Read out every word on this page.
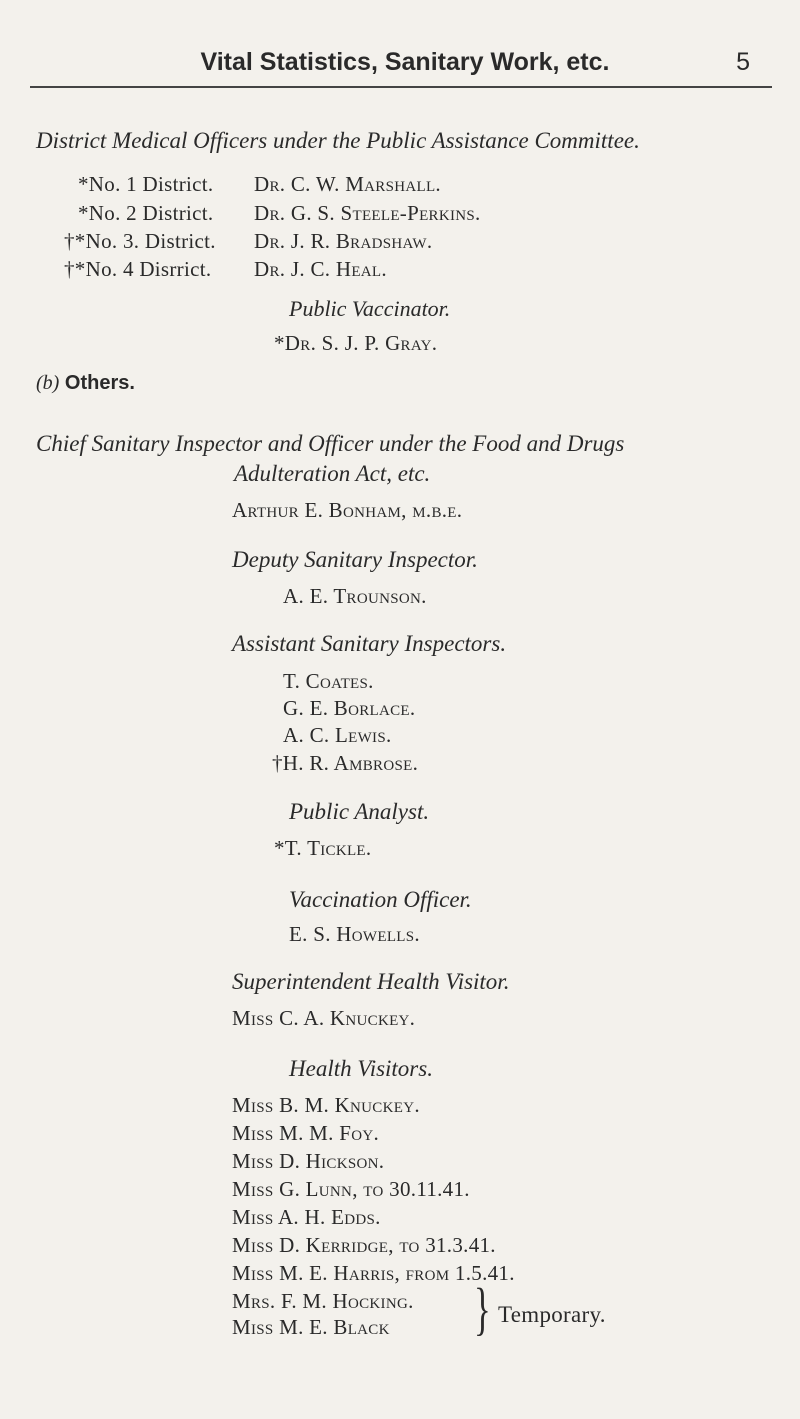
Vital Statistics, Sanitary Work, etc.	5
District Medical Officers under the Public Assistance Committee.
*No. 1 District. Dr. C. W. Marshall.
*No. 2 District. Dr. G. S. Steele-Perkins.
†*No. 3. District. Dr. J. R. Bradshaw.
†*No. 4 Disrrict. Dr. J. C. Heal.
Public Vaccinator.
*Dr. S. J. P. Gray.
(b) Others.
Chief Sanitary Inspector and Officer under the Food and Drugs
Adulteration Act, etc.
Arthur E. Bonham, m.b.e.
Deputy Sanitary Inspector.
A. E. Trounson.
Assistant Sanitary Inspectors.
T. Coates.
G. E. Borlace.
A. C. Lewis.
†H. R. Ambrose.
Public Analyst.
*T. Tickle.
Vaccination Officer.
E. S. Howells.
Superintendent Health Visitor.
Miss C. A. Knuckey.
Health Visitors.
Miss B. M. Knuckey.
Miss M. M. Foy.
Miss D. Hickson.
Miss G. Lunn, to 30.11.41.
Miss A. H. Edds.
Miss D. Kerridge, to 31.3.41.
Miss M. E. Harris, from 1.5.41.
Mrs. F. M. Hocking.
Miss M. E. Black } Temporary.
